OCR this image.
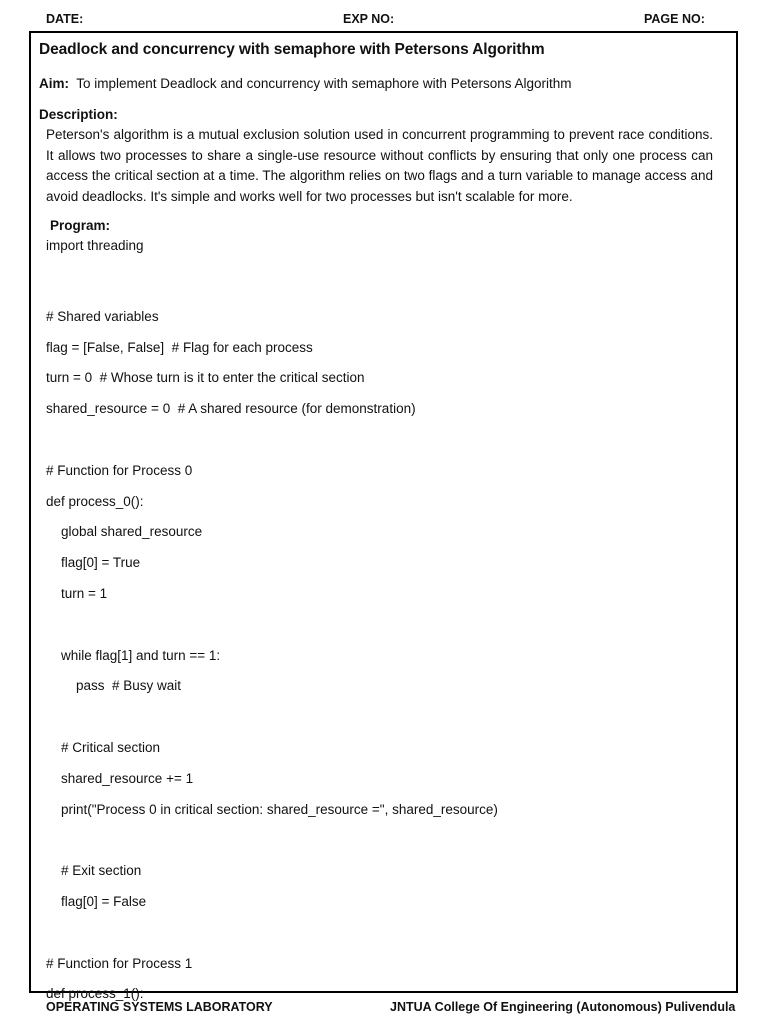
DATE:	EXP NO:	PAGE NO:
Deadlock and concurrency with semaphore with Petersons Algorithm
Aim: To implement Deadlock and concurrency with semaphore with Petersons Algorithm
Description:
Peterson's algorithm is a mutual exclusion solution used in concurrent programming to prevent race conditions. It allows two processes to share a single-use resource without conflicts by ensuring that only one process can access the critical section at a time. The algorithm relies on two flags and a turn variable to manage access and avoid deadlocks. It's simple and works well for two processes but isn't scalable for more.
Program:
import threading
# Shared variables
flag = [False, False]  # Flag for each process
turn = 0  # Whose turn is it to enter the critical section
shared_resource = 0  # A shared resource (for demonstration)
# Function for Process 0
def process_0():
global shared_resource
flag[0] = True
turn = 1
while flag[1] and turn == 1:
pass  # Busy wait
# Critical section
shared_resource += 1
print("Process 0 in critical section: shared_resource =", shared_resource)
# Exit section
flag[0] = False
# Function for Process 1
def process_1():
OPERATING SYSTEMS LABORATORY	JNTUA College Of Engineering (Autonomous) Pulivendula
